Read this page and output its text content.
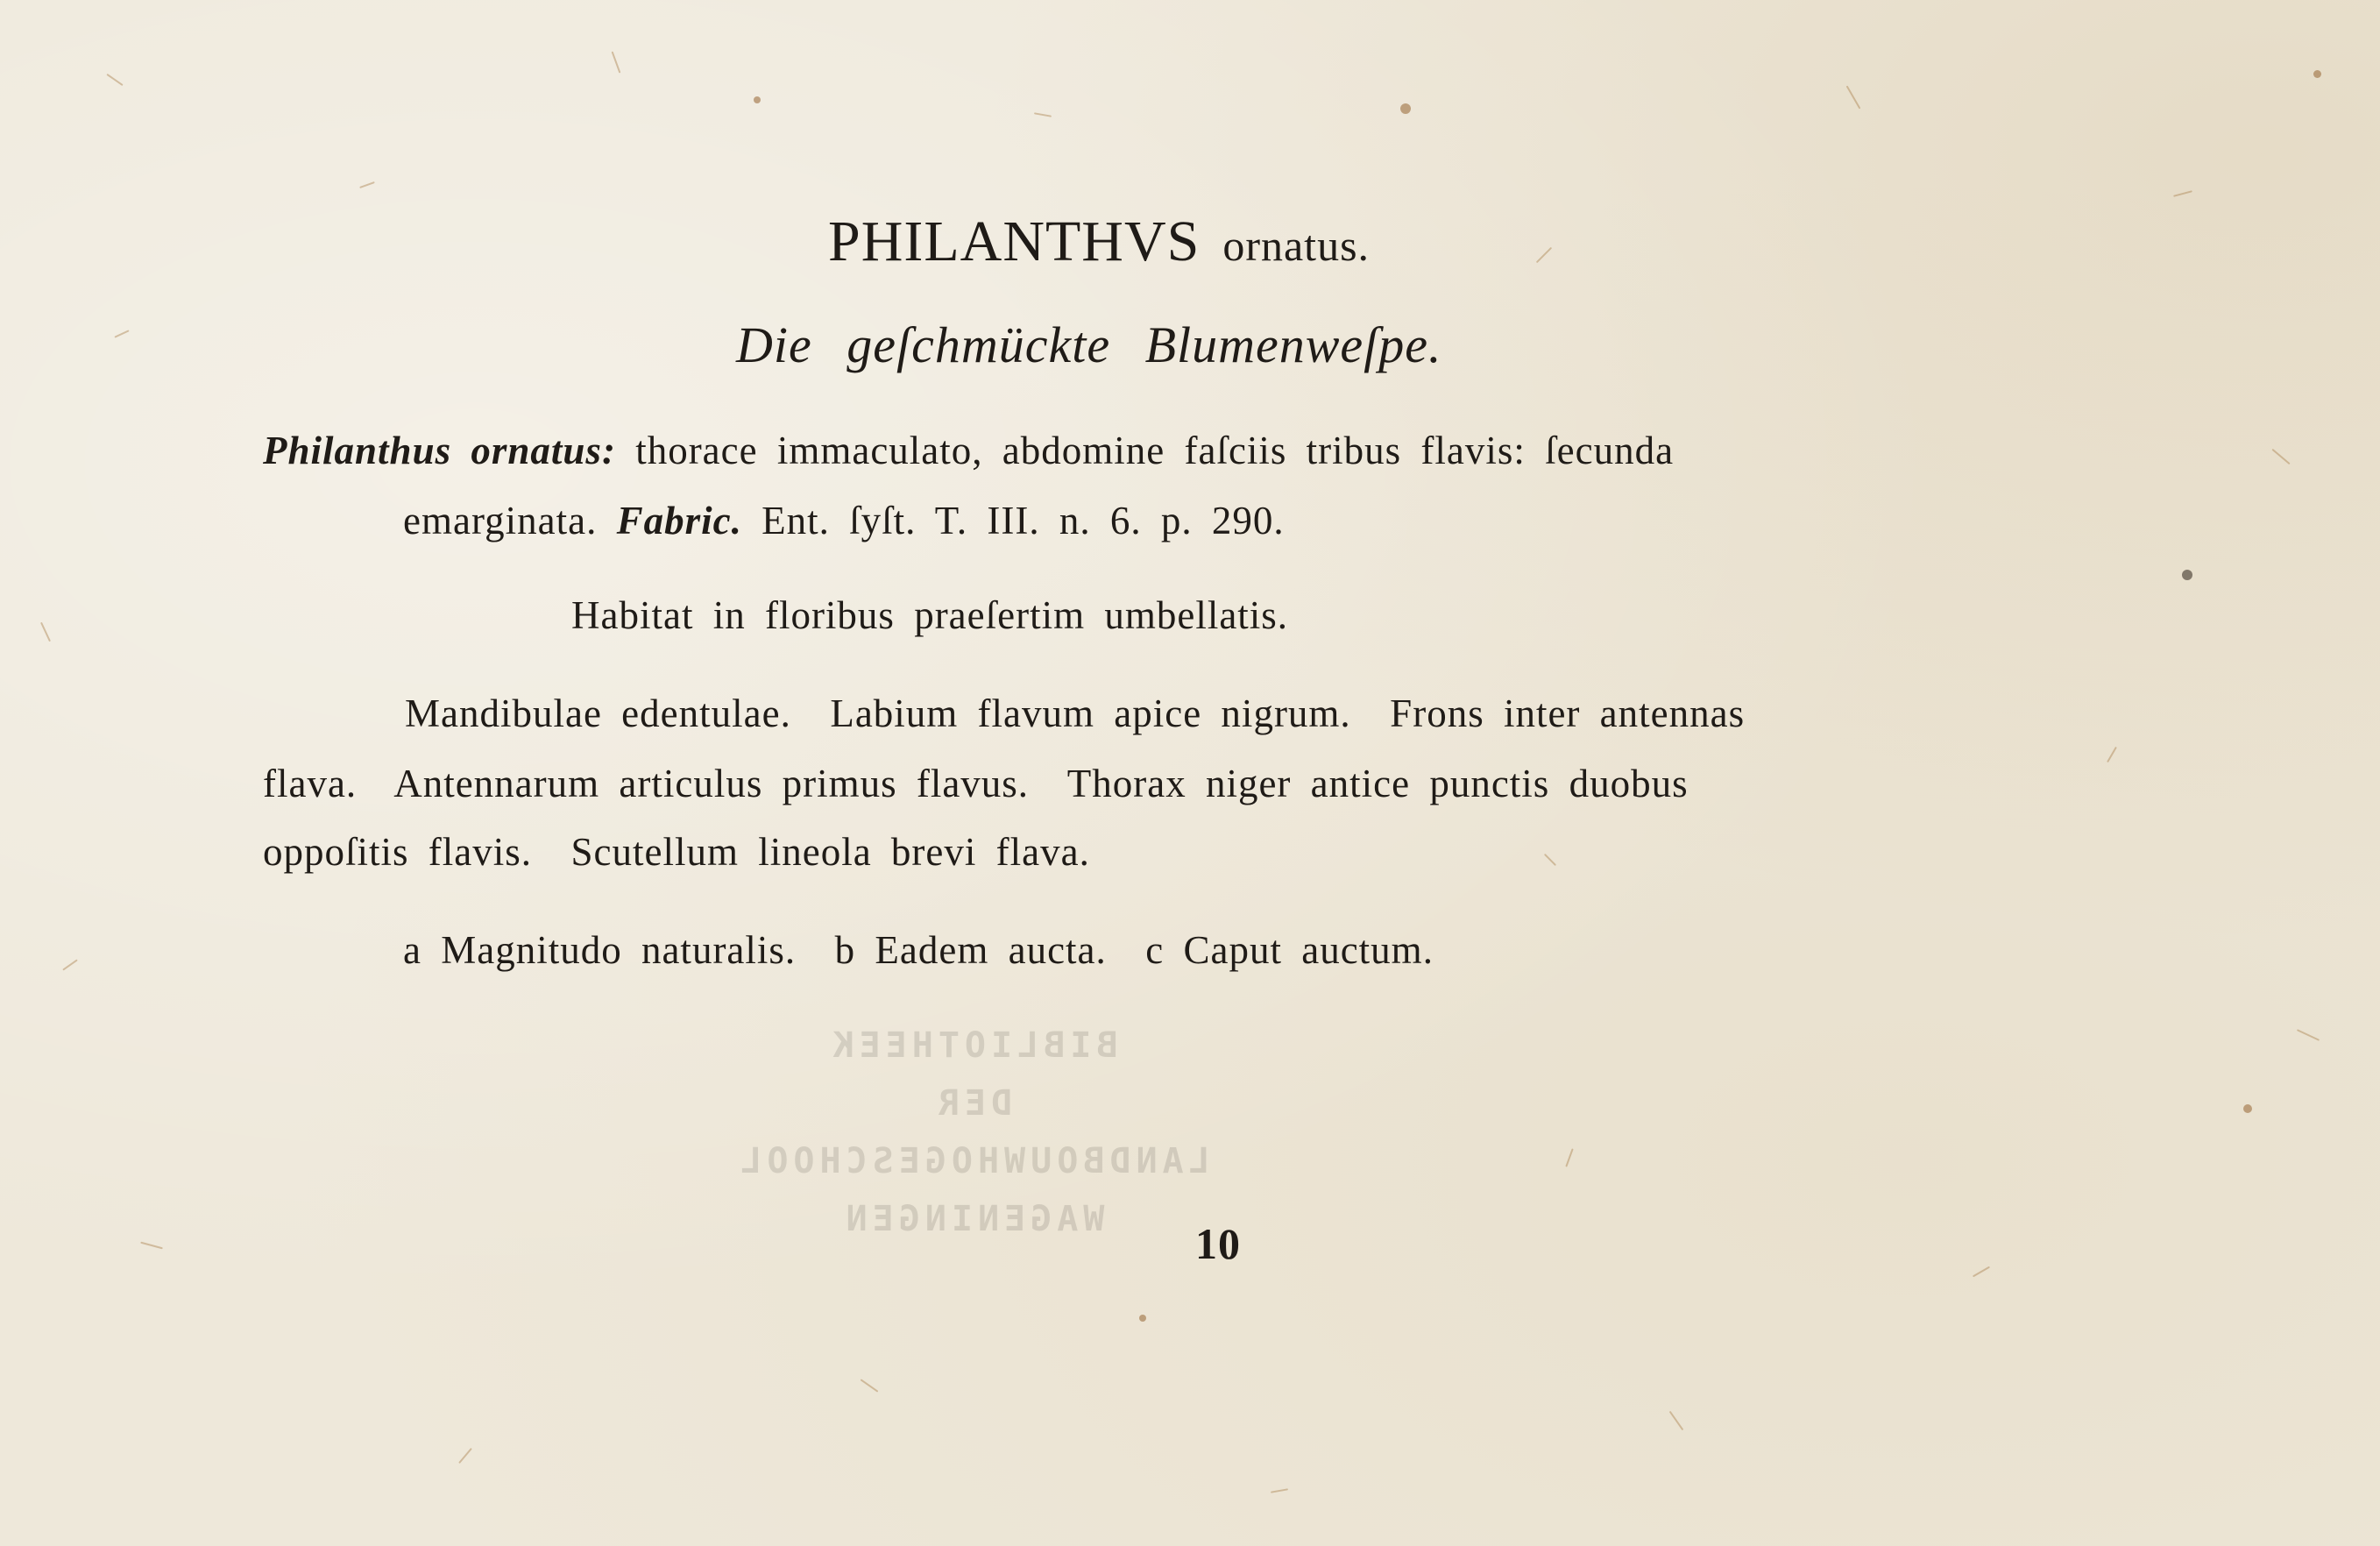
BIBLIOTHEEK
DER
LANDBOUWHOGESCHOOL
WAGENINGEN
PHILANTHVS ornatus.
Die geſchmückte Blumenweſpe.
Philanthus ornatus: thorace immaculato, abdomine faſciis tribus flavis: ſecunda
emarginata. Fabric. Ent. ſyſt. T. III. n. 6. p. 290.
Habitat in floribus praeſertim umbellatis.
Mandibulae edentulae.  Labium flavum apice nigrum.  Frons inter antennas
flava.  Antennarum articulus primus flavus.  Thorax niger antice punctis duobus
oppoſitis flavis.  Scutellum lineola brevi flava.
a Magnitudo naturalis.  b Eadem aucta.  c Caput auctum.
10
